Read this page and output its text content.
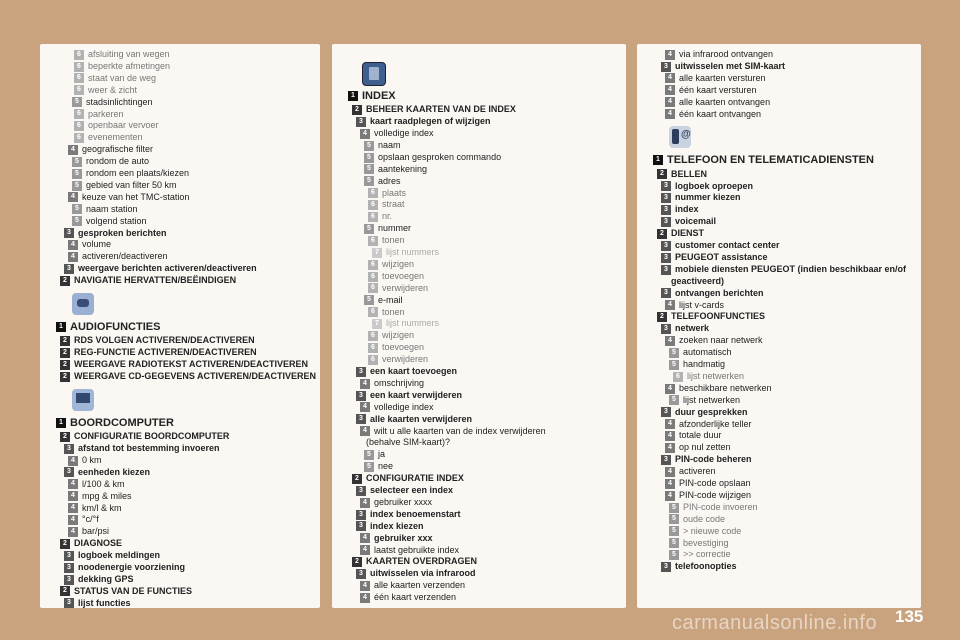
6 afsluiting van wegen
6 beperkte afmetingen
6 staat van de weg
6 weer & zicht
5 stadsinlichtingen
6 parkeren
6 openbaar vervoer
6 evenementen
4 geografische filter
5 rondom de auto
5 rondom een plaats/kiezen
5 gebied van filter 50 km
4 keuze van het TMC-station
5 naam station
5 volgend station
3 gesproken berichten
4 volume
4 activeren/deactiveren
3 weergave berichten activeren/deactiveren
2 NAVIGATIE HERVATTEN/BEËINDIGEN
1 AUDIOFUNCTIES
2 RDS VOLGEN ACTIVEREN/DEACTIVEREN
2 REG-FUNCTIE ACTIVEREN/DEACTIVEREN
2 WEERGAVE RADIOTEKST ACTIVEREN/DEACTIVEREN
2 WEERGAVE CD-GEGEVENS ACTIVEREN/DEACTIVEREN
1 BOORDCOMPUTER
2 CONFIGURATIE BOORDCOMPUTER
3 afstand tot bestemming invoeren
4 0 km
3 eenheden kiezen
4 l/100 & km
4 mpg & miles
4 km/l & km
4 °c/°f
4 bar/psi
2 DIAGNOSE
3 logboek meldingen
3 noodenergie voorziening
3 dekking GPS
2 STATUS VAN DE FUNCTIES
3 lijst functies
1 INDEX
2 BEHEER KAARTEN VAN DE INDEX
3 kaart raadplegen of wijzigen
4 volledige index
5 naam
5 opslaan gesproken commando
5 aantekening
5 adres
6 plaats
6 straat
6 nr.
5 nummer
6 tonen
7 lijst nummers
6 wijzigen
6 toevoegen
6 verwijderen
5 e-mail
6 tonen
7 lijst nummers
6 wijzigen
6 toevoegen
6 verwijderen
3 een kaart toevoegen
4 omschrijving
3 een kaart verwijderen
4 volledige index
3 alle kaarten verwijderen
4 wilt u alle kaarten van de index verwijderen
(behalve SIM-kaart)?
5 ja
5 nee
2 CONFIGURATIE INDEX
3 selecteer een index
4 gebruiker xxxx
3 index benoemenstart
3 index kiezen
4 gebruiker xxx
4 laatst gebruikte index
2 KAARTEN OVERDRAGEN
3 uitwisselen via infrarood
4 alle kaarten verzenden
4 één kaart verzenden
4 via infrarood ontvangen
3 uitwisselen met SIM-kaart
4 alle kaarten versturen
4 één kaart versturen
4 alle kaarten ontvangen
4 één kaart ontvangen
@
1 TELEFOON EN TELEMATICADIENSTEN
2 BELLEN
3 logboek oproepen
3 nummer kiezen
3 index
3 voicemail
2 DIENST
3 customer contact center
3 PEUGEOT assistance
3 mobiele diensten PEUGEOT (indien beschikbaar en/of
geactiveerd)
3 ontvangen berichten
4 lijst v-cards
2 TELEFOONFUNCTIES
3 netwerk
4 zoeken naar netwerk
5 automatisch
5 handmatig
6 lijst netwerken
4 beschikbare netwerken
5 lijst netwerken
3 duur gesprekken
4 afzonderlijke teller
4 totale duur
4 op nul zetten
3 PIN-code beheren
4 activeren
4 PIN-code opslaan
4 PIN-code wijzigen
5 PIN-code invoeren
5 oude code
5 > nieuwe code
5 bevestiging
5 >> correctie
3 telefoonopties
135
carmanualsonline.info
